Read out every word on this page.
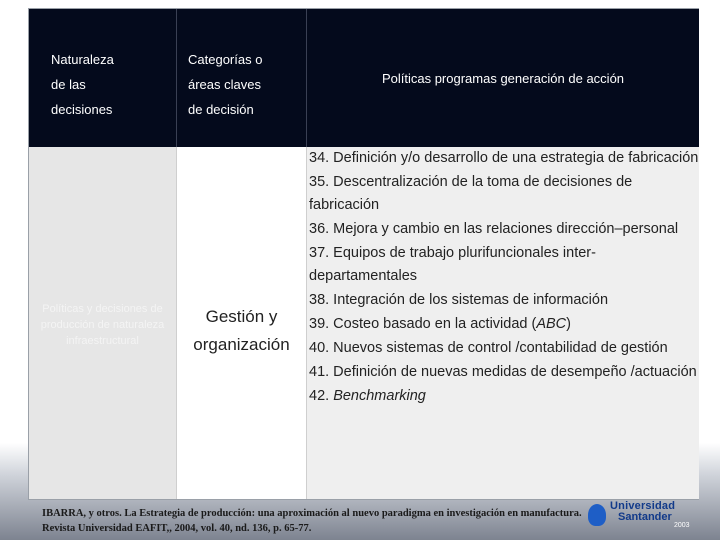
Naturaleza
de las
decisiones
Categorías o
áreas claves
de decisión
Políticas programas generación de acción
Políticas y decisiones de producción de naturaleza infraestructural
Gestión y
organización
34. Definición y/o desarrollo de una estrategia de fabricación
35. Descentralización de la toma de decisiones de fabricación
36. Mejora y cambio en las relaciones dirección–personal
37. Equipos de trabajo plurifuncionales inter-departamentales
38. Integración de los sistemas de información
39. Costeo basado en la actividad (ABC)
40. Nuevos sistemas de control /contabilidad de gestión
41. Definición de nuevas medidas de desempeño /actuación
42. Benchmarking
IBARRA, y otros. La Estrategia de producción: una aproximación al nuevo paradigma en investigación en manufactura.
Revista Universidad EAFIT,, 2004, vol. 40, nd. 136, p. 65-77.
Universidad
Santander
2003
